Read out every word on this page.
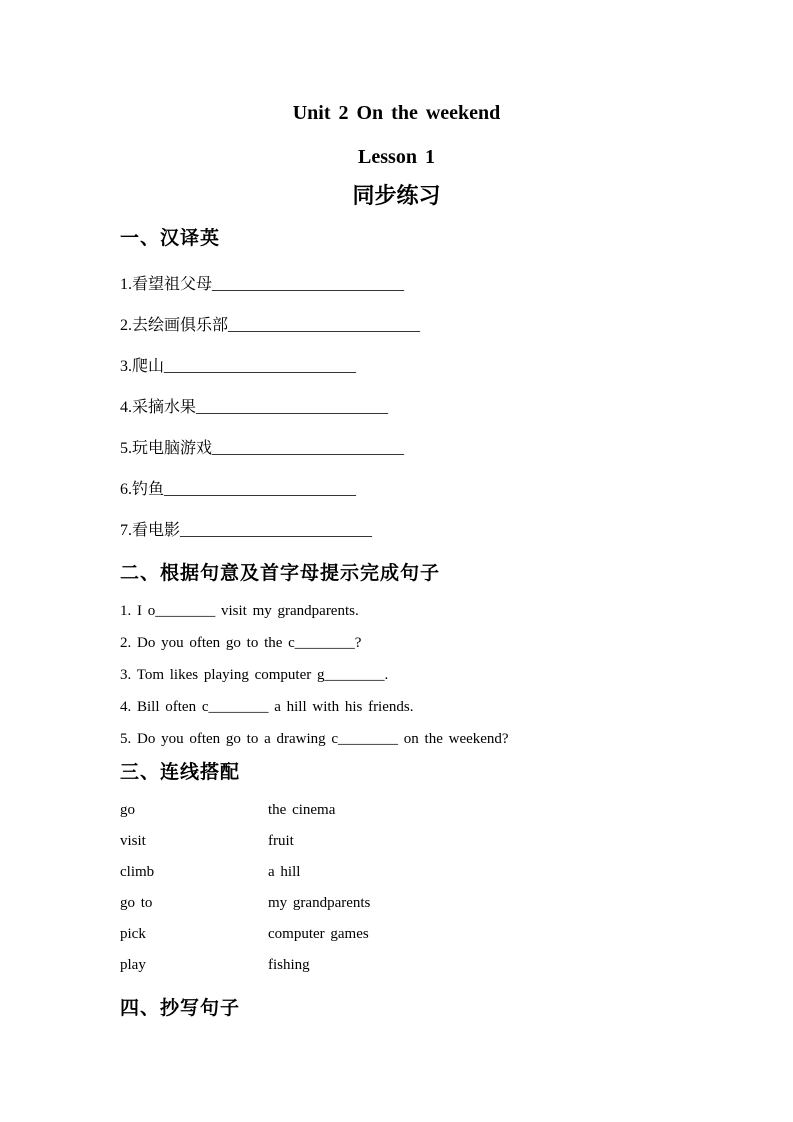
Unit 2 On the weekend
Lesson 1
同步练习
一、汉译英
1.看望祖父母________________________
2.去绘画俱乐部________________________
3.爬山________________________
4.采摘水果________________________
5.玩电脑游戏________________________
6.钓鱼________________________
7.看电影________________________
二、根据句意及首字母提示完成句子
1. I o________ visit my grandparents.
2. Do you often go to the c________?
3. Tom likes playing computer g________.
4. Bill often c________ a hill with his friends.
5. Do you often go to a drawing c________ on the weekend?
三、连线搭配
go	the cinema
visit	fruit
climb	a hill
go to	my grandparents
pick	computer games
play	fishing
四、抄写句子
